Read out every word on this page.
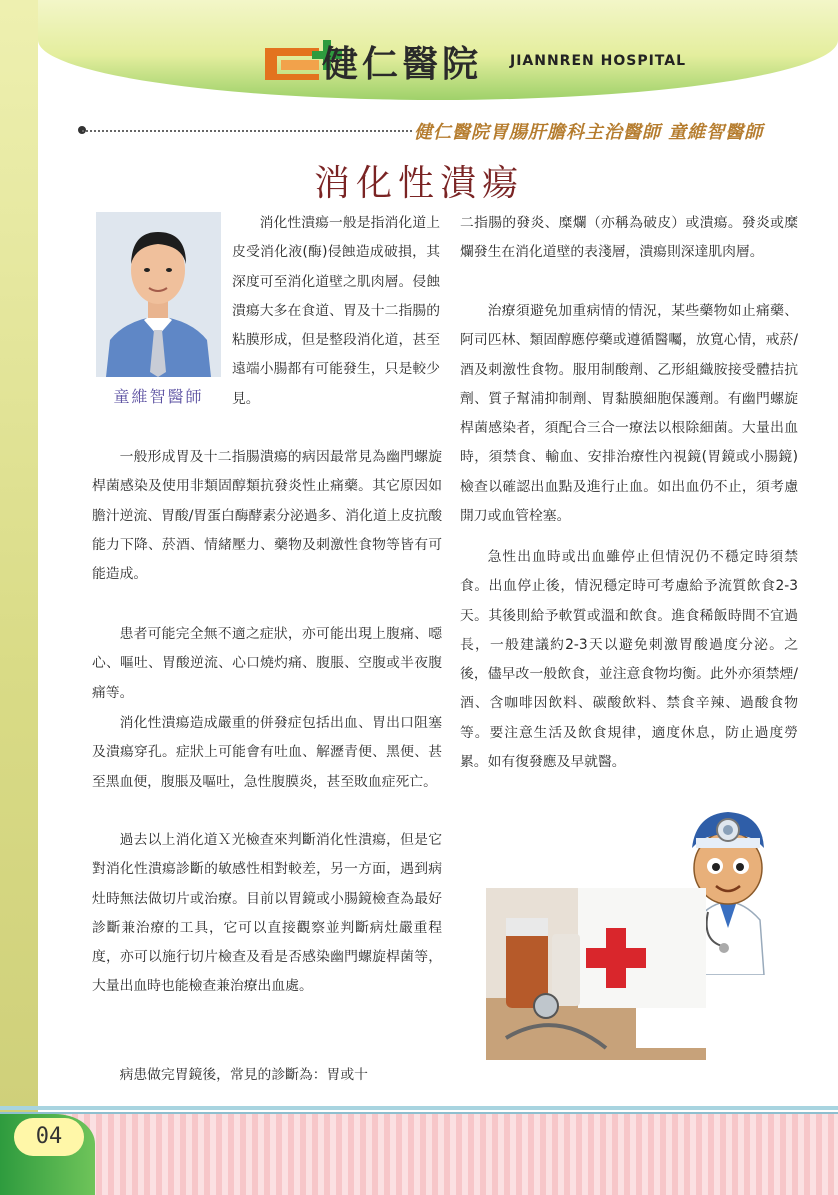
健仁醫院 JIANNREN HOSPITAL
健仁醫院胃腸肝膽科主治醫師 童維智醫師
消化性潰瘍
童維智醫師

消化性潰瘍一般是指消化道上皮受消化液(酶)侵蝕造成破損，其深度可至消化道壁之肌肉層。侵蝕潰瘍大多在食道、胃及十二指腸的粘膜形成，但是整段消化道，甚至遠端小腸都有可能發生，只是較少見。

一般形成胃及十二指腸潰瘍的病因最常見為幽門螺旋桿菌感染及使用非類固醇類抗發炎性止痛藥。其它原因如膽汁逆流、胃酸/胃蛋白酶酵素分泌過多、消化道上皮抗酸能力下降、菸酒、情緒壓力、藥物及刺激性食物等皆有可能造成。

患者可能完全無不適之症狀，亦可能出現上腹痛、噁心、嘔吐、胃酸逆流、心口燒灼痛、腹脹、空腹或半夜腹痛等。

消化性潰瘍造成嚴重的併發症包括出血、胃出口阻塞及潰瘍穿孔。症狀上可能會有吐血、解瀝青便、黑便、甚至黑血便，腹脹及嘔吐，急性腹膜炎，甚至敗血症死亡。

過去以上消化道Ｘ光檢查來判斷消化性潰瘍，但是它對消化性潰瘍診斷的敏感性相對較差，另一方面，遇到病灶時無法做切片或治療。目前以胃鏡或小腸鏡檢查為最好診斷兼治療的工具，它可以直接觀察並判斷病灶嚴重程度，亦可以施行切片檢查及看是否感染幽門螺旋桿菌等，大量出血時也能檢查兼治療出血處。

病患做完胃鏡後，常見的診斷為：胃或十

二指腸的發炎、糜爛（亦稱為破皮）或潰瘍。發炎或糜爛發生在消化道壁的表淺層，潰瘍則深達肌肉層。

治療須避免加重病情的情況，某些藥物如止痛藥、阿司匹林、類固醇應停藥或遵循醫囑，放寬心情，戒菸/酒及刺激性食物。服用制酸劑、乙形組織胺接受體拮抗劑、質子幫浦抑制劑、胃黏膜細胞保護劑。有幽門螺旋桿菌感染者，須配合三合一療法以根除細菌。大量出血時，須禁食、輸血、安排治療性內視鏡(胃鏡或小腸鏡)檢查以確認出血點及進行止血。如出血仍不止，須考慮開刀或血管栓塞。

急性出血時或出血雖停止但情況仍不穩定時須禁食。出血停止後，情況穩定時可考慮給予流質飲食2-3天。其後則給予軟質或溫和飲食。進食稀飯時間不宜過長，一般建議約2-3天以避免刺激胃酸過度分泌。之後，儘早改一般飲食，並注意食物均衡。此外亦須禁煙/酒、含咖啡因飲料、碳酸飲料、禁食辛辣、過酸食物等。要注意生活及飲食規律，適度休息，防止過度勞累。如有復發應及早就醫。

04
